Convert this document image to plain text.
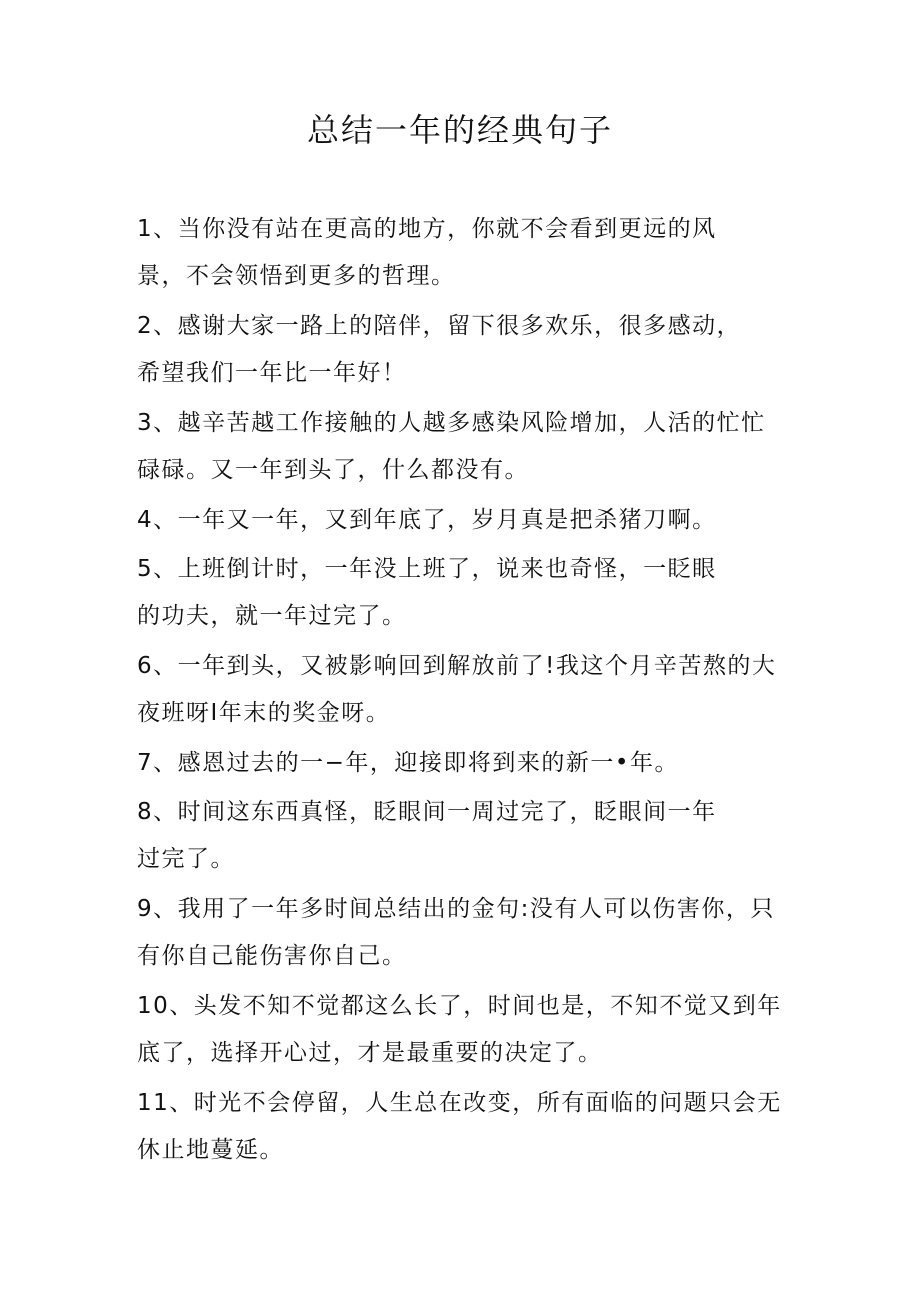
总结一年的经典句子
1、当你没有站在更高的地方，你就不会看到更远的风
景，不会领悟到更多的哲理。
2、感谢大家一路上的陪伴，留下很多欢乐，很多感动，
希望我们一年比一年好！
3、越辛苦越工作接触的人越多感染风险增加，人活的忙忙
碌碌。又一年到头了，什么都没有。
4、一年又一年，又到年底了，岁月真是把杀猪刀啊。
5、上班倒计时，一年没上班了，说来也奇怪，一眨眼
的功夫，就一年过完了。
6、一年到头，又被影响回到解放前了!我这个月辛苦熬的大
夜班呀I年末的奖金呀。
7、感恩过去的一−年，迎接即将到来的新一•年。
8、时间这东西真怪，眨眼间一周过完了，眨眼间一年
过完了。
9、我用了一年多时间总结出的金句:没有人可以伤害你，只
有你自己能伤害你自己。
10、头发不知不觉都这么长了，时间也是，不知不觉又到年
底了，选择开心过，才是最重要的决定了。
11、时光不会停留，人生总在改变，所有面临的问题只会无
休止地蔓延。
